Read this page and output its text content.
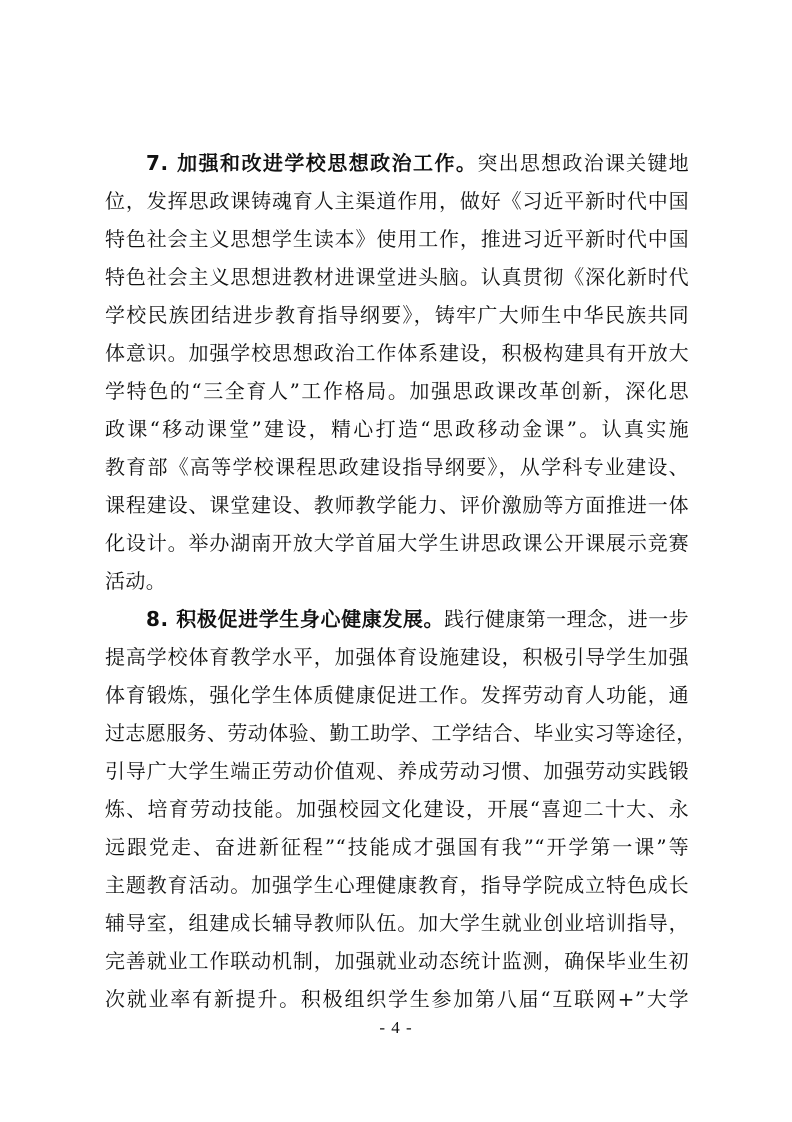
7. 加强和改进学校思想政治工作。突出思想政治课关键地
位，发挥思政课铸魂育人主渠道作用，做好《习近平新时代中国
特色社会主义思想学生读本》使用工作，推进习近平新时代中国
特色社会主义思想进教材进课堂进头脑。认真贯彻《深化新时代
学校民族团结进步教育指导纲要》，铸牢广大师生中华民族共同
体意识。加强学校思想政治工作体系建设，积极构建具有开放大
学特色的“三全育人”工作格局。加强思政课改革创新，深化思
政课“移动课堂”建设，精心打造“思政移动金课”。认真实施
教育部《高等学校课程思政建设指导纲要》，从学科专业建设、
课程建设、课堂建设、教师教学能力、评价激励等方面推进一体
化设计。举办湖南开放大学首届大学生讲思政课公开课展示竞赛
活动。
8. 积极促进学生身心健康发展。践行健康第一理念，进一步
提高学校体育教学水平，加强体育设施建设，积极引导学生加强
体育锻炼，强化学生体质健康促进工作。发挥劳动育人功能，通
过志愿服务、劳动体验、勤工助学、工学结合、毕业实习等途径，
引导广大学生端正劳动价值观、养成劳动习惯、加强劳动实践锻
炼、培育劳动技能。加强校园文化建设，开展“喜迎二十大、永
远跟党走、奋进新征程”“技能成才强国有我”“开学第一课”等
主题教育活动。加强学生心理健康教育，指导学院成立特色成长
辅导室，组建成长辅导教师队伍。加大学生就业创业培训指导，
完善就业工作联动机制，加强就业动态统计监测，确保毕业生初
次就业率有新提升。积极组织学生参加第八届“互联网+”大学
- 4 -
